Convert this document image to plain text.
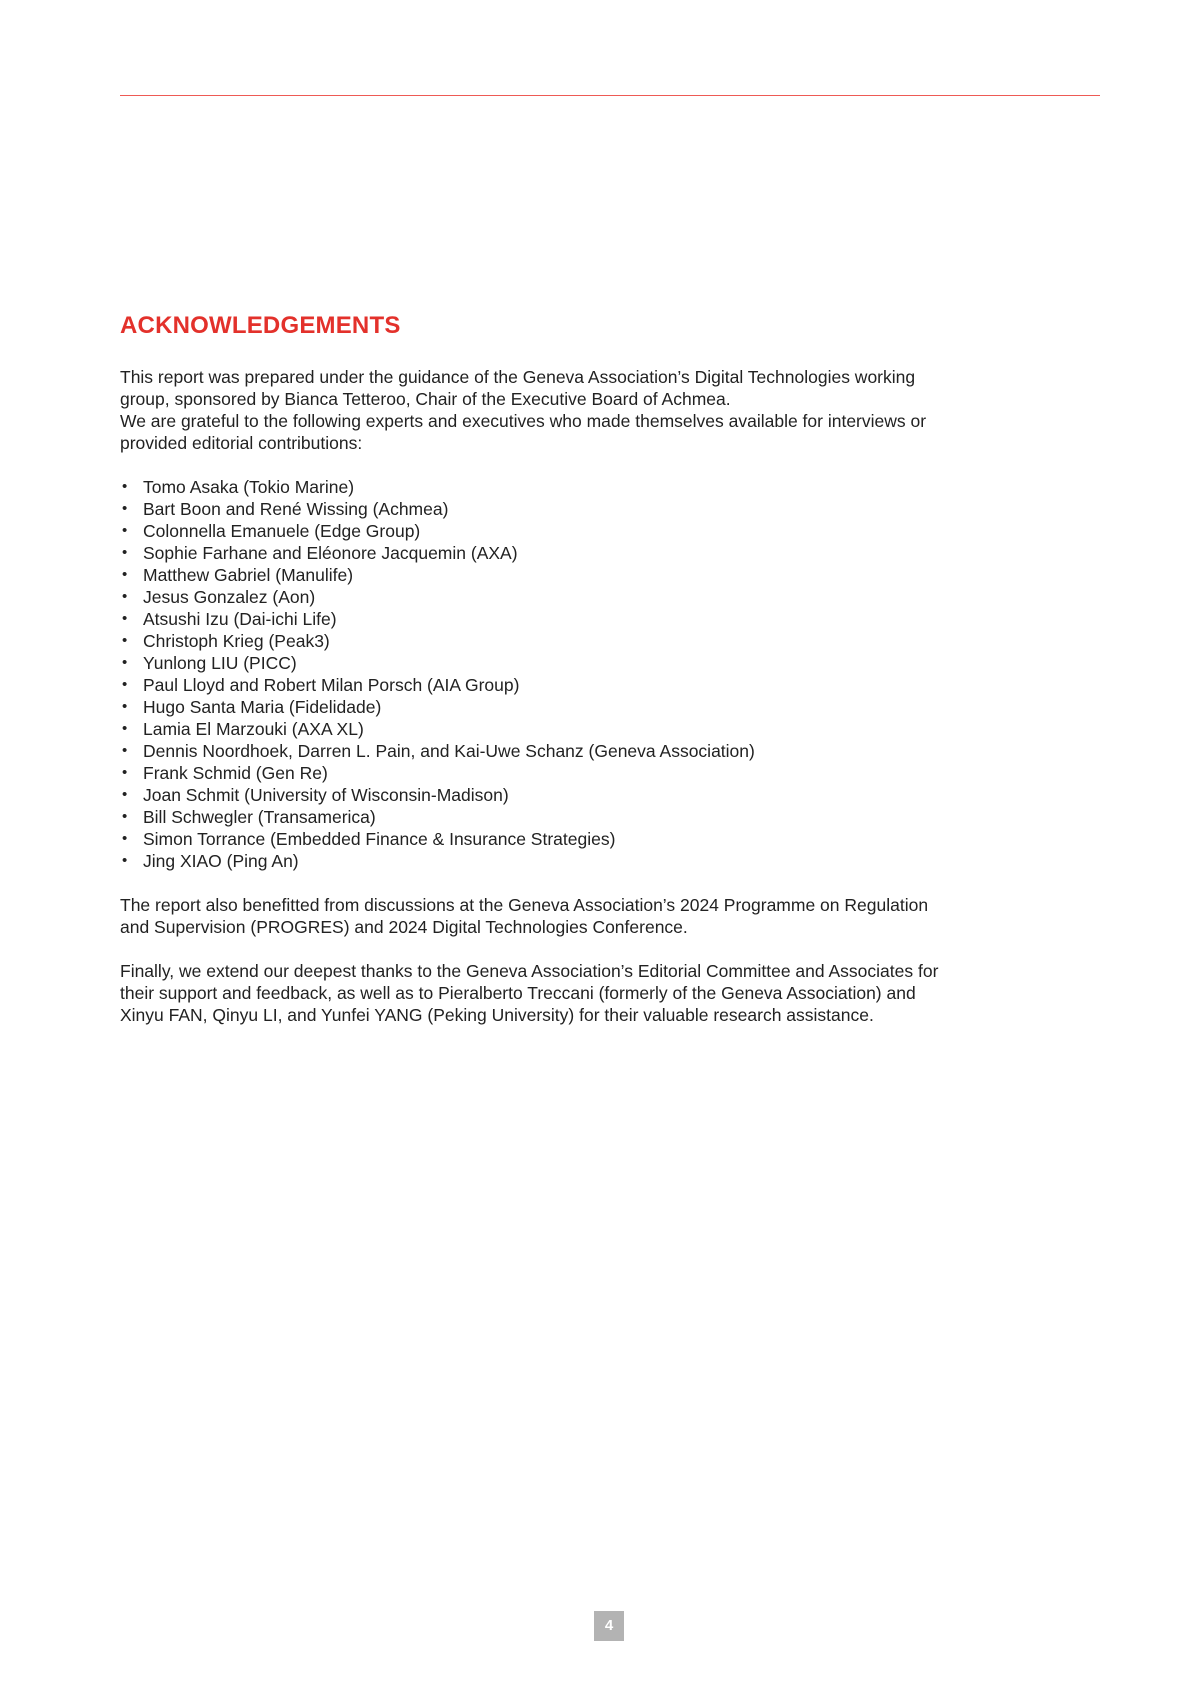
ACKNOWLEDGEMENTS

This report was prepared under the guidance of the Geneva Association’s Digital Technologies working group, sponsored by Bianca Tetteroo, Chair of the Executive Board of Achmea.

We are grateful to the following experts and executives who made themselves available for interviews or provided editorial contributions:

• Tomo Asaka (Tokio Marine)
• Bart Boon and René Wissing (Achmea)
• Colonnella Emanuele (Edge Group)
• Sophie Farhane and Eléonore Jacquemin (AXA)
• Matthew Gabriel (Manulife)
• Jesus Gonzalez (Aon)
• Atsushi Izu (Dai-ichi Life)
• Christoph Krieg (Peak3)
• Yunlong LIU (PICC)
• Paul Lloyd and Robert Milan Porsch (AIA Group)
• Hugo Santa Maria (Fidelidade)
• Lamia El Marzouki (AXA XL)
• Dennis Noordhoek, Darren L. Pain, and Kai-Uwe Schanz (Geneva Association)
• Frank Schmid (Gen Re)
• Joan Schmit (University of Wisconsin-Madison)
• Bill Schwegler (Transamerica)
• Simon Torrance (Embedded Finance & Insurance Strategies)
• Jing XIAO (Ping An)

The report also benefitted from discussions at the Geneva Association’s 2024 Programme on Regulation and Supervision (PROGRES) and 2024 Digital Technologies Conference.

Finally, we extend our deepest thanks to the Geneva Association’s Editorial Committee and Associates for their support and feedback, as well as to Pieralberto Treccani (formerly of the Geneva Association) and Xinyu FAN, Qinyu LI, and Yunfei YANG (Peking University) for their valuable research assistance.

4
